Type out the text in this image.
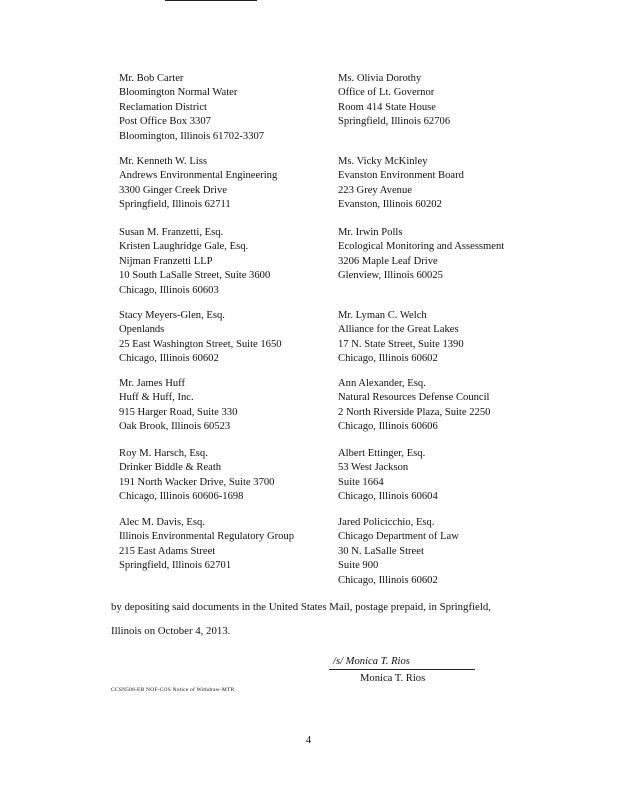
Mr. Bob Carter
Bloomington Normal Water
Reclamation District
Post Office Box 3307
Bloomington, Illinois 61702-3307
Mr. Kenneth W. Liss
Andrews Environmental Engineering
3300 Ginger Creek Drive
Springfield, Illinois 62711
Susan M. Franzetti, Esq.
Kristen Laughridge Gale, Esq.
Nijman Franzetti LLP
10 South LaSalle Street, Suite 3600
Chicago, Illinois 60603
Stacy Meyers-Glen, Esq.
Openlands
25 East Washington Street, Suite 1650
Chicago, Illinois 60602
Mr. James Huff
Huff & Huff, Inc.
915 Harger Road, Suite 330
Oak Brook, Illinois 60523
Roy M. Harsch, Esq.
Drinker Biddle & Reath
191 North Wacker Drive, Suite 3700
Chicago, Illinois 60606-1698
Alec M. Davis, Esq.
Illinois Environmental Regulatory Group
215 East Adams Street
Springfield, Illinois 62701
Ms. Olivia Dorothy
Office of Lt. Governor
Room 414 State House
Springfield, Illinois 62706
Ms. Vicky McKinley
Evanston Environment Board
223 Grey Avenue
Evanston, Illinois 60202
Mr. Irwin Polls
Ecological Monitoring and Assessment
3206 Maple Leaf Drive
Glenview, Illinois 60025
Mr. Lyman C. Welch
Alliance for the Great Lakes
17 N. State Street, Suite 1390
Chicago, Illinois 60602
Ann Alexander, Esq.
Natural Resources Defense Council
2 North Riverside Plaza, Suite 2250
Chicago, Illinois 60606
Albert Ettinger, Esq.
53 West Jackson
Suite 1664
Chicago, Illinois 60604
Jared Policicchio, Esq.
Chicago Department of Law
30 N. LaSalle Street
Suite 900
Chicago, Illinois 60602
by depositing said documents in the United States Mail, postage prepaid, in Springfield,
Illinois on October 4, 2013.
/s/ Monica T. Rios
Monica T. Rios
CCSN508-EB NOF-COS Notice of Withdraw-MTR
4
